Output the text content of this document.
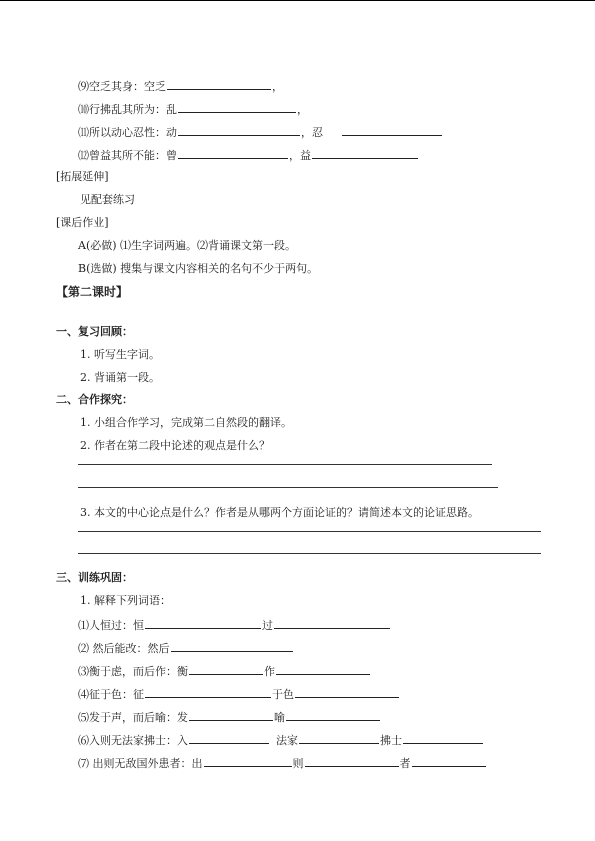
⑼空乏其身：空乏	，
⑽行拂乱其所为：乱	，
⑾所以动心忍性：动	，忍
⑿曾益其所不能：曾	，益
[拓展延伸]
见配套练习
[课后作业]
A(必做) ⑴生字词两遍。⑵背诵课文第一段。
B(选做) 搜集与课文内容相关的名句不少于两句。
【第二课时】
一、复习回顾：
1. 听写生字词。
2. 背诵第一段。
二、合作探究：
1. 小组合作学习，完成第二自然段的翻译。
2. 作者在第二段中论述的观点是什么？
3. 本文的中心论点是什么？作者是从哪两个方面论证的？请简述本文的论证思路。
三、训练巩固：
1. 解释下列词语：
⑴人恒过：恒	过
⑵ 然后能改：然后
⑶衡于虑，而后作：衡	作
⑷征于色：征	于色
⑸发于声，而后喻：发	喻
⑹入则无法家拂士：入	法家	拂士
⑺ 出则无敌国外患者：出	则	者
